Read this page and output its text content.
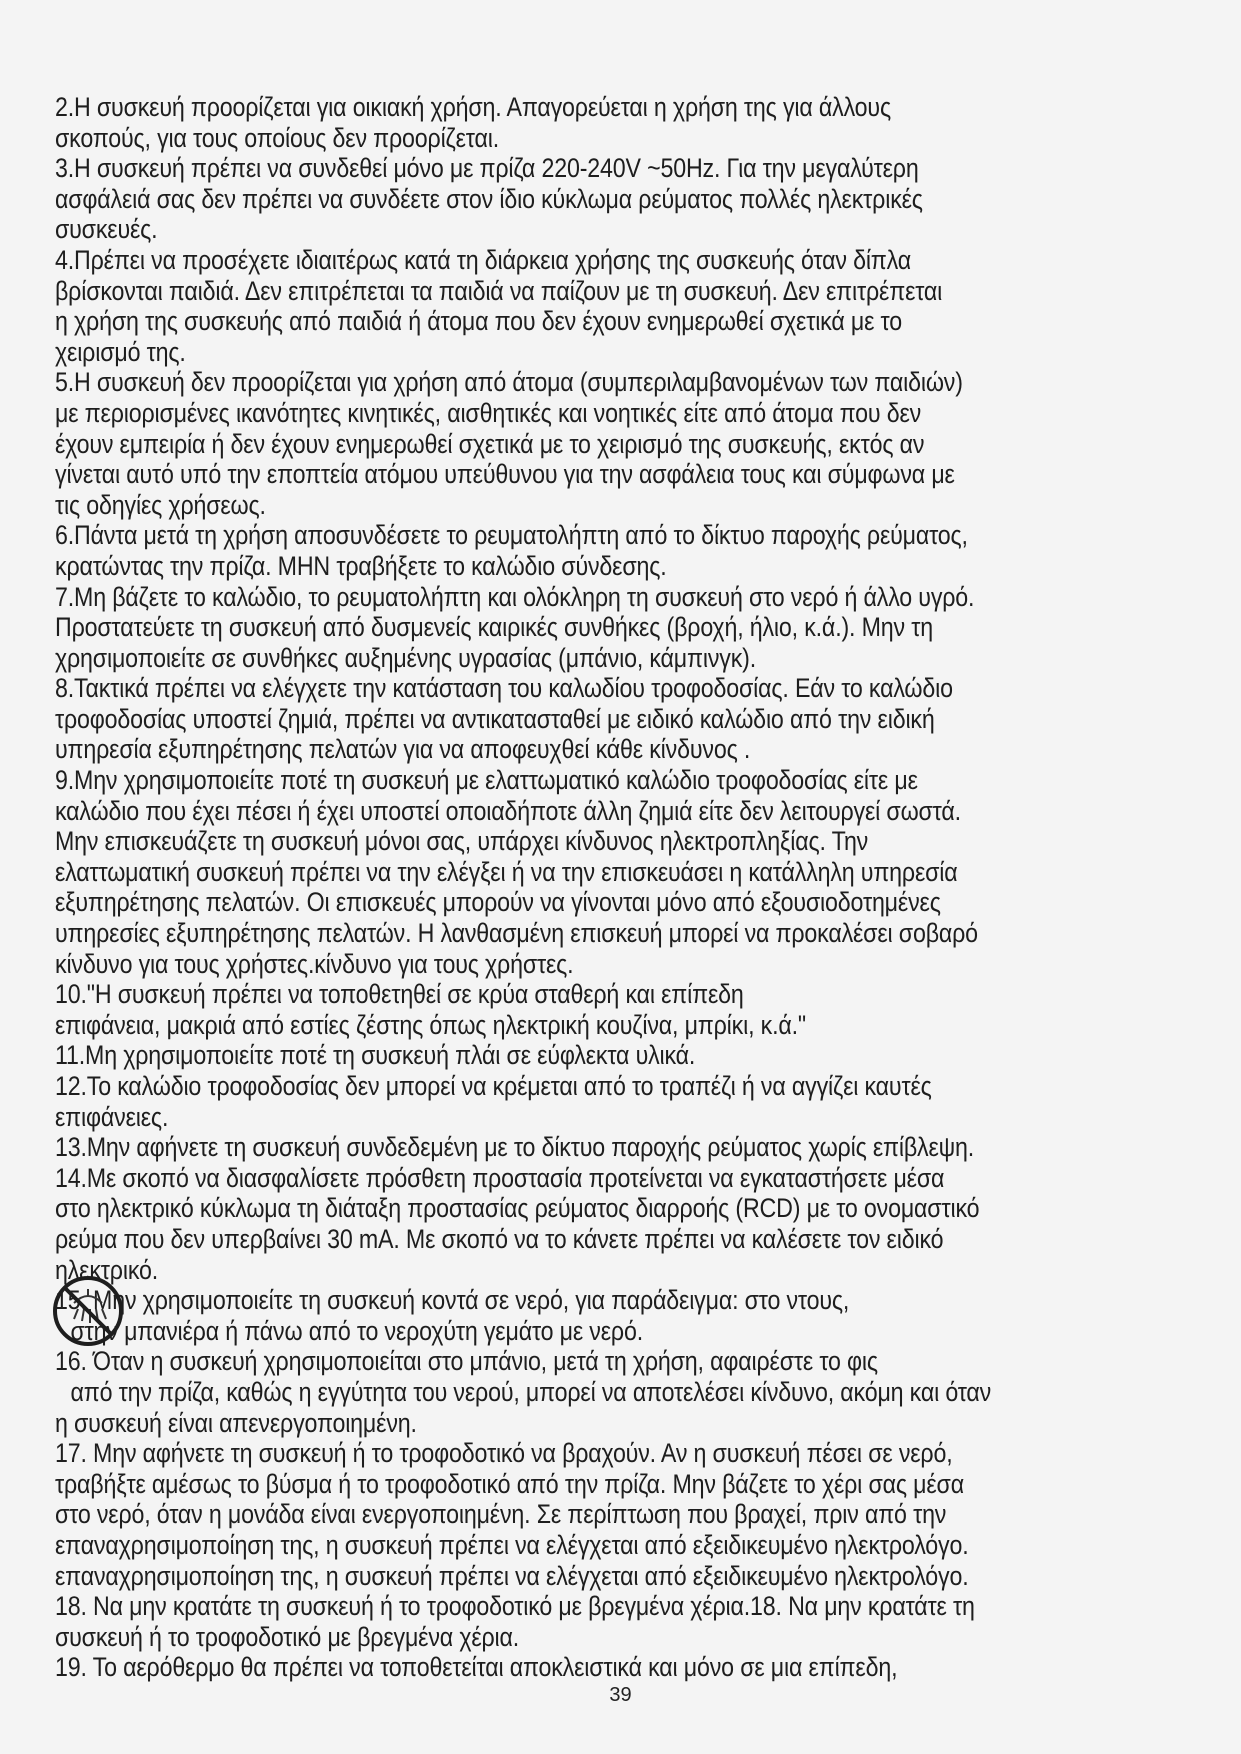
2.Η συσκευή προορίζεται για οικιακή χρήση. Απαγορεύεται η χρήση της για άλλους
σκοπούς, για τους οποίους δεν προορίζεται.
3.Η συσκευή πρέπει να συνδεθεί μόνο με πρίζα 220-240V ~50Hz. Για την μεγαλύτερη
ασφάλειά σας δεν πρέπει να συνδέετε στον ίδιο κύκλωμα ρεύματος πολλές ηλεκτρικές
συσκευές.
4.Πρέπει να προσέχετε ιδιαιτέρως κατά τη διάρκεια χρήσης της συσκευής όταν δίπλα
βρίσκονται παιδιά. Δεν επιτρέπεται τα παιδιά να παίζουν με τη συσκευή. Δεν επιτρέπεται
η χρήση της συσκευής από παιδιά ή άτομα που δεν έχουν ενημερωθεί σχετικά με το
χειρισμό της.
5.Η συσκευή δεν προορίζεται για χρήση από άτομα (συμπεριλαμβανομένων των παιδιών)
με περιορισμένες ικανότητες κινητικές, αισθητικές και νοητικές είτε από άτομα που δεν
έχουν εμπειρία ή δεν έχουν ενημερωθεί σχετικά με το χειρισμό της συσκευής, εκτός αν
γίνεται αυτό υπό την εποπτεία ατόμου υπεύθυνου για την ασφάλεια τους και σύμφωνα με
τις οδηγίες χρήσεως.
6.Πάντα μετά τη χρήση αποσυνδέσετε το ρευματολήπτη από το δίκτυο παροχής ρεύματος,
κρατώντας την πρίζα. ΜΗΝ τραβήξετε το καλώδιο σύνδεσης.
7.Μη βάζετε το καλώδιο, το ρευματολήπτη και ολόκληρη τη συσκευή στο νερό ή άλλο υγρό.
Προστατεύετε τη συσκευή από δυσμενείς καιρικές συνθήκες (βροχή, ήλιο, κ.ά.). Μην τη
χρησιμοποιείτε σε συνθήκες αυξημένης υγρασίας (μπάνιο, κάμπινγκ).
8.Τακτικά πρέπει να ελέγχετε την κατάσταση του καλωδίου τροφοδοσίας. Εάν το καλώδιο
τροφοδοσίας υποστεί ζημιά, πρέπει να αντικατασταθεί με ειδικό καλώδιο από την ειδική
υπηρεσία εξυπηρέτησης πελατών για να αποφευχθεί κάθε κίνδυνος .
9.Μην χρησιμοποιείτε ποτέ τη συσκευή με ελαττωματικό καλώδιο τροφοδοσίας είτε με
καλώδιο που έχει πέσει ή έχει υποστεί οποιαδήποτε άλλη ζημιά είτε δεν λειτουργεί σωστά.
Μην επισκευάζετε τη συσκευή μόνοι σας, υπάρχει κίνδυνος ηλεκτροπληξίας. Την
ελαττωματική συσκευή πρέπει να την ελέγξει ή να την επισκευάσει η κατάλληλη υπηρεσία
εξυπηρέτησης πελατών. Οι επισκευές μπορούν να γίνονται μόνο από εξουσιοδοτημένες
υπηρεσίες εξυπηρέτησης πελατών. Η λανθασμένη επισκευή μπορεί να προκαλέσει σοβαρό
κίνδυνο για τους χρήστες.κίνδυνο για τους χρήστες.
10."Η συσκευή πρέπει να τοποθετηθεί σε κρύα σταθερή και επίπεδη
επιφάνεια, μακριά από εστίες ζέστης όπως ηλεκτρική κουζίνα, μπρίκι, κ.ά."
11.Μη χρησιμοποιείτε ποτέ τη συσκευή πλάι σε εύφλεκτα υλικά.
12.Το καλώδιο τροφοδοσίας δεν μπορεί να κρέμεται από το τραπέζι ή να αγγίζει καυτές
επιφάνειες.
13.Μην αφήνετε τη συσκευή συνδεδεμένη με το δίκτυο παροχής ρεύματος χωρίς επίβλεψη.
14.Με σκοπό να διασφαλίσετε πρόσθετη προστασία προτείνεται να εγκαταστήσετε μέσα
στο ηλεκτρικό κύκλωμα τη διάταξη προστασίας ρεύματος διαρροής (RCD) με το ονομαστικό
ρεύμα που δεν υπερβαίνει 30 mA. Με σκοπό να το κάνετε πρέπει να καλέσετε τον ειδικό
ηλεκτρικό.
15. Μην χρησιμοποιείτε τη συσκευή κοντά σε νερό, για παράδειγμα: στο ντους,
στην μπανιέρα ή πάνω από το νεροχύτη γεμάτο με νερό.
16. Όταν η συσκευή χρησιμοποιείται στο μπάνιο, μετά τη χρήση, αφαιρέστε το φις
από την πρίζα, καθώς η εγγύτητα του νερού, μπορεί να αποτελέσει κίνδυνο, ακόμη και όταν
η συσκευή είναι απενεργοποιημένη.
17. Μην αφήνετε τη συσκευή ή το τροφοδοτικό να βραχούν. Αν η συσκευή πέσει σε νερό,
τραβήξτε αμέσως το βύσμα ή το τροφοδοτικό από την πρίζα. Μην βάζετε το χέρι σας μέσα
στο νερό, όταν η μονάδα είναι ενεργοποιημένη. Σε περίπτωση που βραχεί, πριν από την
επαναχρησιμοποίηση της, η συσκευή πρέπει να ελέγχεται από εξειδικευμένο ηλεκτρολόγο.
επαναχρησιμοποίηση της, η συσκευή πρέπει να ελέγχεται από εξειδικευμένο ηλεκτρολόγο.
18. Να μην κρατάτε τη συσκευή ή το τροφοδοτικό με βρεγμένα χέρια.18. Να μην κρατάτε τη
συσκευή ή το τροφοδοτικό με βρεγμένα χέρια.
19. Το αερόθερμο θα πρέπει να τοποθετείται αποκλειστικά και μόνο σε μια επίπεδη,
39
